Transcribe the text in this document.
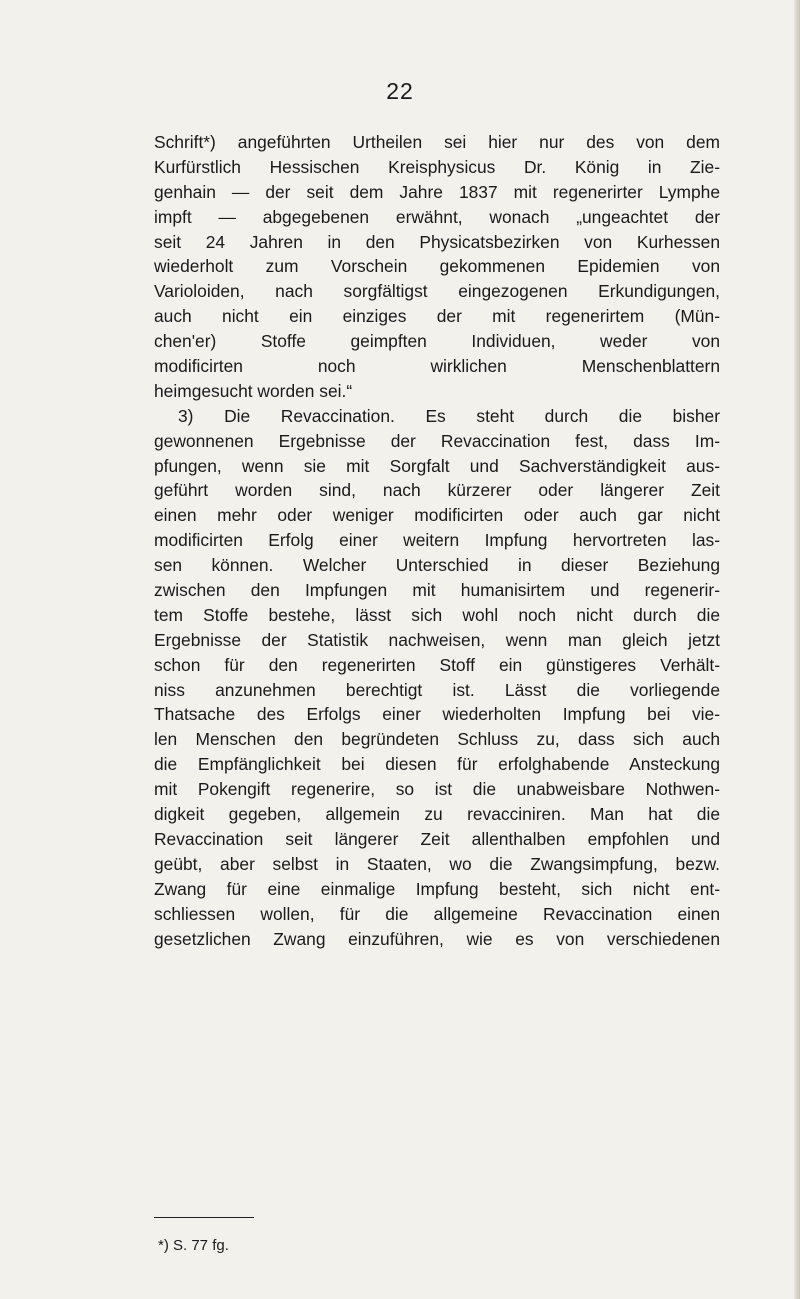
22
Schrift*) angeführten Urtheilen sei hier nur des von dem
Kurfürstlich Hessischen Kreisphysicus Dr. König in Zie-
genhain — der seit dem Jahre 1837 mit regenerirter Lymphe
impft — abgegebenen erwähnt, wonach „ungeachtet der
seit 24 Jahren in den Physicatsbezirken von Kurhessen
wiederholt zum Vorschein gekommenen Epidemien von
Varioloiden, nach sorgfältigst eingezogenen Erkundigungen,
auch nicht ein einziges der mit regenerirtem (Mün-
chen'er) Stoffe geimpften Individuen, weder von
modificirten noch wirklichen Menschenblattern
heimgesucht worden sei.“
3) Die Revaccination. Es steht durch die bisher
gewonnenen Ergebnisse der Revaccination fest, dass Im-
pfungen, wenn sie mit Sorgfalt und Sachverständigkeit aus-
geführt worden sind, nach kürzerer oder längerer Zeit
einen mehr oder weniger modificirten oder auch gar nicht
modificirten Erfolg einer weitern Impfung hervortreten las-
sen können. Welcher Unterschied in dieser Beziehung
zwischen den Impfungen mit humanisirtem und regenerir-
tem Stoffe bestehe, lässt sich wohl noch nicht durch die
Ergebnisse der Statistik nachweisen, wenn man gleich jetzt
schon für den regenerirten Stoff ein günstigeres Verhält-
niss anzunehmen berechtigt ist. Lässt die vorliegende
Thatsache des Erfolgs einer wiederholten Impfung bei vie-
len Menschen den begründeten Schluss zu, dass sich auch
die Empfänglichkeit bei diesen für erfolghabende Ansteckung
mit Pokengift regenerire, so ist die unabweisbare Nothwen-
digkeit gegeben, allgemein zu revacciniren. Man hat die
Revaccination seit längerer Zeit allenthalben empfohlen und
geübt, aber selbst in Staaten, wo die Zwangsimpfung, bezw.
Zwang für eine einmalige Impfung besteht, sich nicht ent-
schliessen wollen, für die allgemeine Revaccination einen
gesetzlichen Zwang einzuführen, wie es von verschiedenen
*) S. 77 fg.
